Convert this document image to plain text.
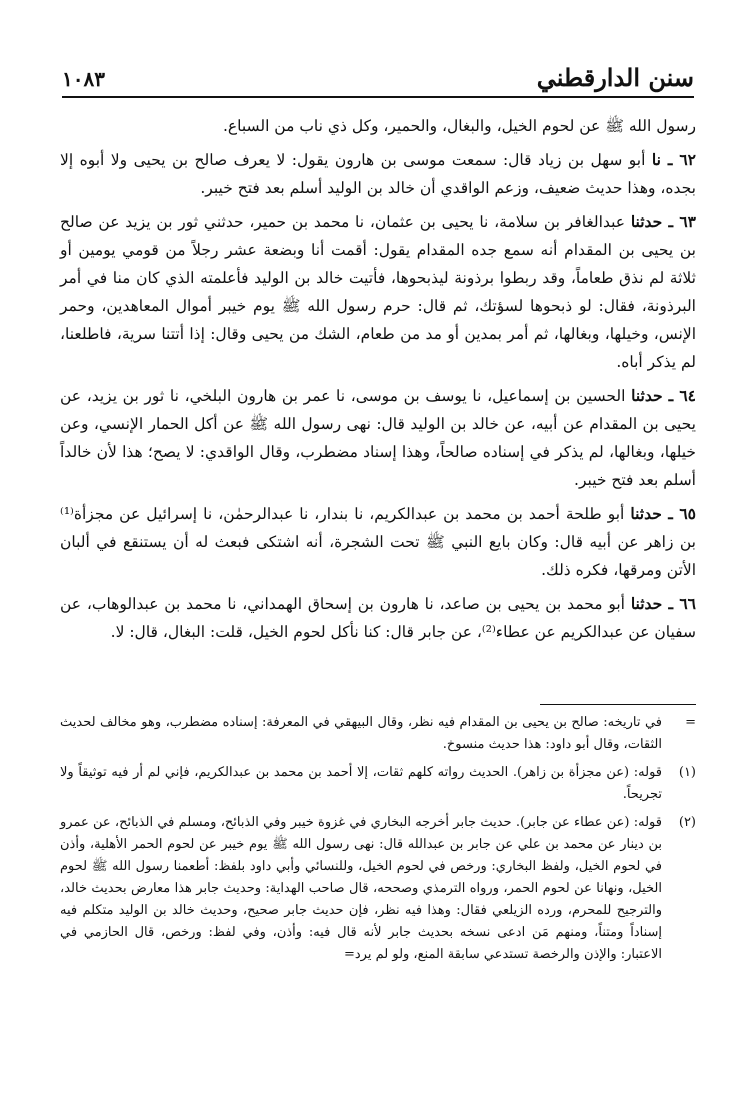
سنن الدارقطني
١٠٨٣

رسول الله ﷺ عن لحوم الخيل، والبغال، والحمير، وكل ذي ناب من السباع.

٦٢ ـ نا أبو سهل بن زياد قال: سمعت موسى بن هارون يقول: لا يعرف صالح بن يحيى ولا أبوه إلا بجده، وهذا حديث ضعيف، وزعم الواقدي أن خالد بن الوليد أسلم بعد فتح خيبر.

٦٣ ـ حدثنا عبدالغافر بن سلامة، نا يحيى بن عثمان، نا محمد بن حمير، حدثني ثور بن يزيد عن صالح بن يحيى بن المقدام أنه سمع جده المقدام يقول: أقمت أنا وبضعة عشر رجلاً من قومي يومين أو ثلاثة لم نذق طعاماً، وقد ربطوا برذونة ليذبحوها، فأتيت خالد بن الوليد فأعلمته الذي كان منا في أمر البرذونة، فقال: لو ذبحوها لسؤتك، ثم قال: حرم رسول الله ﷺ يوم خيبر أموال المعاهدين، وحمر الإنس، وخيلها، وبغالها، ثم أمر بمدين أو مد من طعام، الشك من يحيى وقال: إذا أتتنا سرية، فاطلعنا، لم يذكر أباه.

٦٤ ـ حدثنا الحسين بن إسماعيل، نا يوسف بن موسى، نا عمر بن هارون البلخي، نا ثور بن يزيد، عن يحيى بن المقدام عن أبيه، عن خالد بن الوليد قال: نهى رسول الله ﷺ عن أكل الحمار الإنسي، وعن خيلها، وبغالها، لم يذكر في إسناده صالحاً، وهذا إسناد مضطرب، وقال الواقدي: لا يصح؛ هذا لأن خالداً أسلم بعد فتح خيبر.

٦٥ ـ حدثنا أبو طلحة أحمد بن محمد بن عبدالكريم، نا بندار، نا عبدالرحمٰن، نا إسرائيل عن مجزأة⁽¹⁾ بن زاهر عن أبيه قال: وكان بايع النبي ﷺ تحت الشجرة، أنه اشتكى فبعث له أن يستنقع في ألبان الأتن ومرقها، فكره ذلك.

٦٦ ـ حدثنا أبو محمد بن يحيى بن صاعد، نا هارون بن إسحاق الهمداني، نا محمد بن عبدالوهاب، عن سفيان عن عبدالكريم عن عطاء⁽²⁾، عن جابر قال: كنا نأكل لحوم الخيل، قلت: البغال، قال: لا.

=
في تاريخه: صالح بن يحيى بن المقدام فيه نظر، وقال البيهقي في المعرفة: إسناده مضطرب، وهو مخالف لحديث الثقات، وقال أبو داود: هذا حديث منسوخ.
(١)
قوله: (عن مجزأة بن زاهر). الحديث رواته كلهم ثقات، إلا أحمد بن محمد بن عبدالكريم، فإني لم أر فيه توثيقاً ولا تجريحاً.
(٢)
قوله: (عن عطاء عن جابر). حديث جابر أخرجه البخاري في غزوة خيبر وفي الذبائح، ومسلم في الذبائح، عن عمرو بن دينار عن محمد بن علي عن جابر بن عبدالله قال: نهى رسول الله ﷺ يوم خيبر عن لحوم الحمر الأهلية، وأذن في لحوم الخيل، ولفظ البخاري: ورخص في لحوم الخيل، وللنسائي وأبي داود بلفظ: أطعمنا رسول الله ﷺ لحوم الخيل، ونهانا عن لحوم الحمر، ورواه الترمذي وصححه، قال صاحب الهداية: وحديث جابر هذا معارض بحديث خالد، والترجيح للمحرم، ورده الزيلعي فقال: وهذا فيه نظر، فإن حديث جابر صحيح، وحديث خالد بن الوليد متكلم فيه إسناداً ومتناً، ومنهم مَن ادعى نسخه بحديث جابر لأنه قال فيه: وأذن، وفي لفظ: ورخص، قال الحازمي في الاعتبار: والإذن والرخصة تستدعي سابقة المنع، ولو لم يرد=
